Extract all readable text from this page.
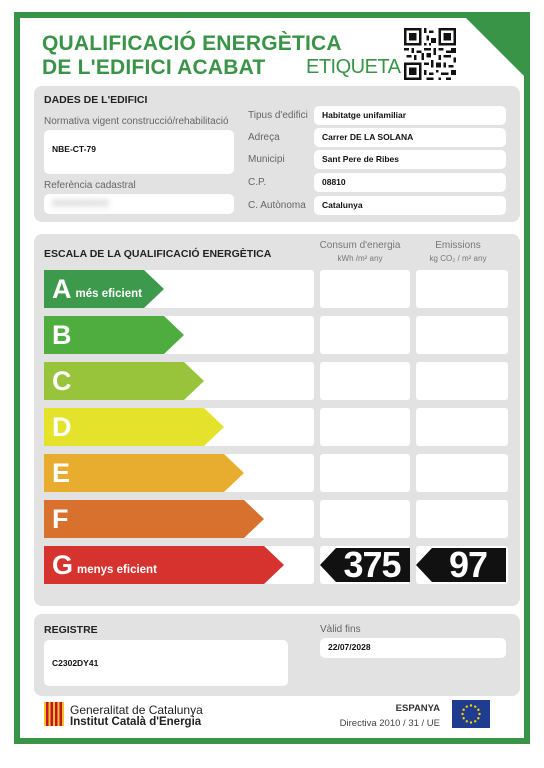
QUALIFICACIÓ ENERGÈTICA
DE L'EDIFICI ACABAT ETIQUETA
DADES DE L'EDIFICI
Normativa vigent construcció/rehabilitació
NBE-CT-79
Referència cadastral
XXXXXXXXXX
Tipus d'edifici	Habitatge unifamiliar
Adreça	Carrer DE LA SOLANA
Municipi	Sant Pere de Ribes
C.P.	08810
C. Autònoma	Catalunya
ESCALA DE LA QUALIFICACIÓ ENERGÈTICA
Consum d'energia
kWh /m² any
Emissions
kg CO₂ / m² any
A més eficient
B
C
D
E
F
G menys eficient	375	97
REGISTRE
C2302DY41
Vàlid fins
22/07/2028
Generalitat de Catalunya
Institut Català d'Energia
ESPANYA
Directiva 2010 / 31 / UE
